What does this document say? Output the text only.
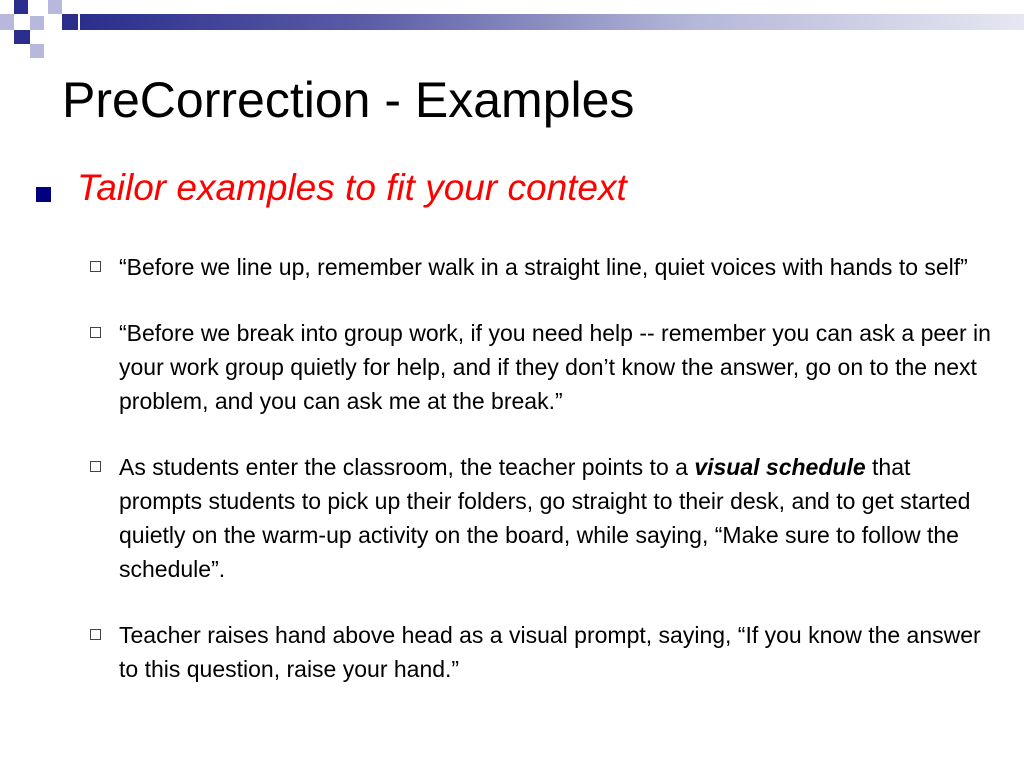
PreCorrection - Examples
Tailor examples to fit your context
“Before we line up, remember walk in a straight line, quiet voices with hands to self”
“Before we break into group work, if you need help -- remember you can ask a peer in your work group quietly for help, and if they don’t know the answer, go on to the next problem, and you can ask me at the break.”
As students enter the classroom, the teacher points to a visual schedule that prompts students to pick up their folders, go straight to their desk, and to get started quietly on the warm-up activity on the board, while saying, “Make sure to follow the schedule”.
Teacher raises hand above head as a visual prompt, saying, “If you know the answer to this question, raise your hand.”
